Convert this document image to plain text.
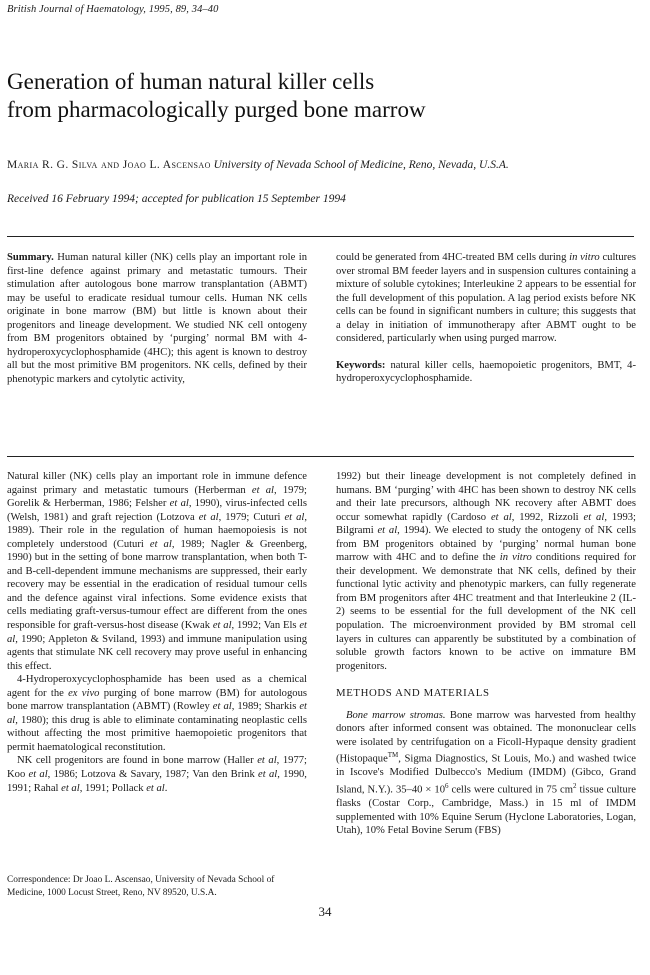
British Journal of Haematology, 1995, 89, 34–40
Generation of human natural killer cells
from pharmacologically purged bone marrow
Maria R. G. Silva and Joao L. Ascensao University of Nevada School of Medicine, Reno, Nevada, U.S.A.
Received 16 February 1994; accepted for publication 15 September 1994
Summary. Human natural killer (NK) cells play an important role in first-line defence against primary and metastatic tumours. Their stimulation after autologous bone marrow transplantation (ABMT) may be useful to eradicate residual tumour cells. Human NK cells originate in bone marrow (BM) but little is known about their progenitors and lineage development. We studied NK cell ontogeny from BM progenitors obtained by ‘purging’ normal BM with 4-hydroperoxycyclophosphamide (4HC); this agent is known to destroy all but the most primitive BM progenitors. NK cells, defined by their phenotypic markers and cytolytic activity,
could be generated from 4HC-treated BM cells during in vitro cultures over stromal BM feeder layers and in suspension cultures containing a mixture of soluble cytokines; Interleukine 2 appears to be essential for the full development of this population. A lag period exists before NK cells can be found in significant numbers in culture; this suggests that a delay in initiation of immunotherapy after ABMT ought to be considered, particularly when using purged marrow.
Keywords: natural killer cells, haemopoietic progenitors, BMT, 4-hydroperoxycyclophosphamide.

Natural killer (NK) cells play an important role in immune defence against primary and metastatic tumours (Herberman et al, 1979; Gorelik & Herberman, 1986; Felsher et al, 1990), virus-infected cells (Welsh, 1981) and graft rejection (Lotzova et al, 1979; Cuturi et al, 1989). Their role in the regulation of human haemopoiesis is not completely understood (Cuturi et al, 1989; Nagler & Greenberg, 1990) but in the setting of bone marrow transplantation, when both T- and B-cell-dependent immune mechanisms are suppressed, their early recovery may be essential in the eradication of residual tumour cells and the defence against viral infections. Some evidence exists that cells mediating graft-versus-tumour effect are different from the ones responsible for graft-versus-host disease (Kwak et al, 1992; Van Els et al, 1990; Appleton & Sviland, 1993) and immune manipulation using agents that stimulate NK cell recovery may prove useful in enhancing this effect.

4-Hydroperoxycyclophosphamide has been used as a chemical agent for the ex vivo purging of bone marrow (BM) for autologous bone marrow transplantation (ABMT) (Rowley et al, 1989; Sharkis et al, 1980); this drug is able to eliminate contaminating neoplastic cells without affecting the most primitive haemopoietic progenitors that permit haematological reconstitution.

NK cell progenitors are found in bone marrow (Haller et al, 1977; Koo et al, 1986; Lotzova & Savary, 1987; Van den Brink et al, 1990, 1991; Rahal et al, 1991; Pollack et al.

1992) but their lineage development is not completely defined in humans. BM ‘purging’ with 4HC has been shown to destroy NK cells and their late precursors, although NK recovery after ABMT does occur somewhat rapidly (Cardoso et al, 1992, Rizzoli et al, 1993; Bilgrami et al, 1994). We elected to study the ontogeny of NK cells from BM progenitors obtained by ‘purging’ normal human bone marrow with 4HC and to define the in vitro conditions required for their development. We demonstrate that NK cells, defined by their functional lytic activity and phenotypic markers, can fully regenerate from BM progenitors after 4HC treatment and that Interleukine 2 (IL-2) seems to be essential for the full development of the NK cell population. The microenvironment provided by BM stromal cell layers in cultures can apparently be substituted by a combination of soluble growth factors known to be active on immature BM progenitors.

METHODS AND MATERIALS

Bone marrow stromas. Bone marrow was harvested from healthy donors after informed consent was obtained. The mononuclear cells were isolated by centrifugation on a Ficoll-Hypaque density gradient (Histopaque™, Sigma Diagnostics, St Louis, Mo.) and washed twice in Iscove's Modified Dulbecco's Medium (IMDM) (Gibco, Grand Island, N.Y.). $35-40 \times 10^6$ cells were cultured in 75 $cm^2$ tissue culture flasks (Costar Corp., Cambridge, Mass.) in 15 ml of IMDM supplemented with 10% Equine Serum (Hyclone Laboratories, Logan, Utah), 10% Fetal Bovine Serum (FBS)

Correspondence: Dr Joao L. Ascensao, University of Nevada School of Medicine, 1000 Locust Street, Reno, NV 89520, U.S.A.
34
